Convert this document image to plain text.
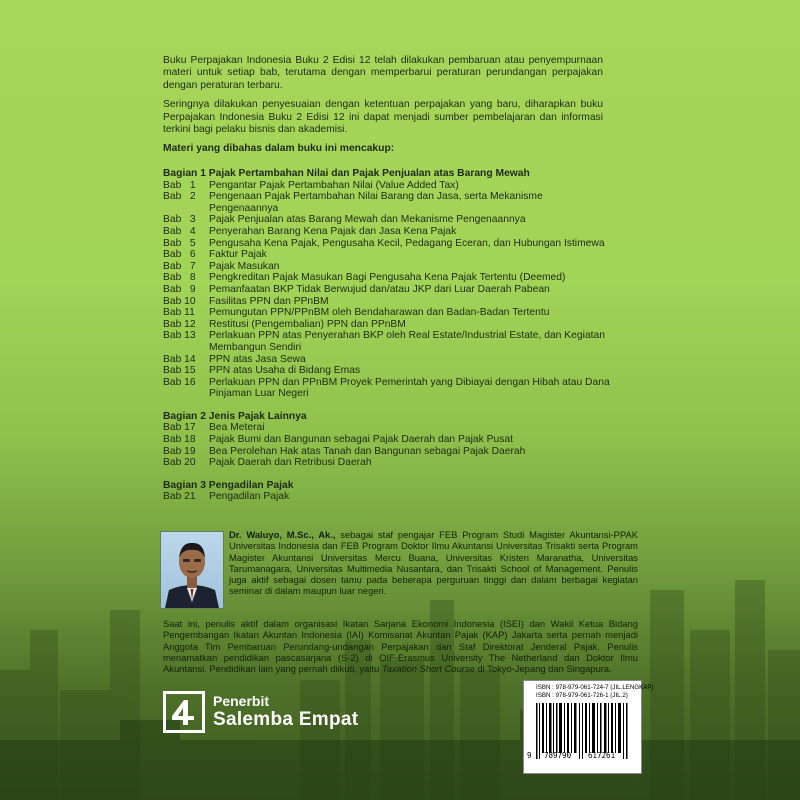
Buku Perpajakan Indonesia Buku 2 Edisi 12 telah dilakukan pembaruan atau penyempurnaan materi untuk setiap bab, terutama dengan memperbarui peraturan perundangan perpajakan dengan peraturan terbaru.

Seringnya dilakukan penyesuaian dengan ketentuan perpajakan yang baru, diharapkan buku Perpajakan Indonesia Buku 2 Edisi 12 ini dapat menjadi sumber pembelajaran dan informasi terkini bagi pelaku bisnis dan akademisi.

Materi yang dibahas dalam buku ini mencakup:

Bagian 1 Pajak Pertambahan Nilai dan Pajak Penjualan atas Barang Mewah
Bab   1	Pengantar Pajak Pertambahan Nilai (Value Added Tax)
Bab   2	Pengenaan Pajak Pertambahan Nilai Barang dan Jasa, serta Mekanisme Pengenaannya
Bab   3	Pajak Penjualan atas Barang Mewah dan Mekanisme Pengenaannya
Bab   4	Penyerahan Barang Kena Pajak dan Jasa Kena Pajak
Bab   5	Pengusaha Kena Pajak, Pengusaha Kecil, Pedagang Eceran, dan Hubungan Istimewa
Bab   6	Faktur Pajak
Bab   7	Pajak Masukan
Bab   8	Pengkreditan Pajak Masukan Bagi Pengusaha Kena Pajak Tertentu (Deemed)
Bab   9	Pemanfaatan BKP Tidak Berwujud dan/atau JKP dari Luar Daerah Pabean
Bab 10	Fasilitas PPN dan PPnBM
Bab 11	Pemungutan PPN/PPnBM oleh Bendaharawan dan Badan-Badan Tertentu
Bab 12	Restitusi (Pengembalian) PPN dan PPnBM
Bab 13	Perlakuan PPN atas Penyerahan BKP oleh Real Estate/Industrial Estate, dan Kegiatan Membangun Sendiri
Bab 14	PPN atas Jasa Sewa
Bab 15	PPN atas Usaha di Bidang Emas
Bab 16	Perlakuan PPN dan PPnBM Proyek Pemerintah yang Dibiayai dengan Hibah atau Dana Pinjaman Luar Negeri
Bagian 2 Jenis Pajak Lainnya
Bab 17	Bea Meterai
Bab 18	Pajak Bumi dan Bangunan sebagai Pajak Daerah dan Pajak Pusat
Bab 19	Bea Perolehan Hak atas Tanah dan Bangunan sebagai Pajak Daerah
Bab 20	Pajak Daerah dan Retribusi Daerah
Bagian 3 Pengadilan Pajak
Bab 21	Pengadilan Pajak
Dr. Waluyo, M.Sc., Ak., sebagai staf pengajar FEB Program Studi Magister Akuntansi-PPAK Universitas Indonesia dan FEB Program Doktor Ilmu Akuntansi Universitas Trisakti serta Program Magister Akuntansi Universitas Mercu Buana, Universitas Kristen Maranatha, Universitas Tarumanagara, Universitas Multimedia Nusantara, dan Trisakti School of Management. Penulis juga aktif sebagai dosen tamu pada beberapa perguruan tinggi dan dalam berbagai kegiatan seminar di dalam maupun luar negeri.
Saat ini, penulis aktif dalam organisasi Ikatan Sarjana Ekonomi Indonesia (ISEI) dan Wakil Ketua Bidang Pengembangan Ikatan Akuntan Indonesia (IAI) Komisariat Akuntan Pajak (KAP) Jakarta serta pernah menjadi Anggota Tim Pembaruan Perundang-undangan Perpajakan dan Staf Direktorat Jenderal Pajak. Penulis menamatkan pendidikan pascasarjana (S-2) di OIF-Erasmus University The Netherland dan Doktor Ilmu Akuntansi. Pendidikan lain yang pernah diikuti, yaitu Taxation Short Course di Tokyo-Jepang dan Singapura.
Penerbit
Salemba Empat
ISBN : 978-979-061-724-7 (JIL.LENGKAP)
ISBN : 978-979-061-726-1 (JIL.2)
9 789790 617261
